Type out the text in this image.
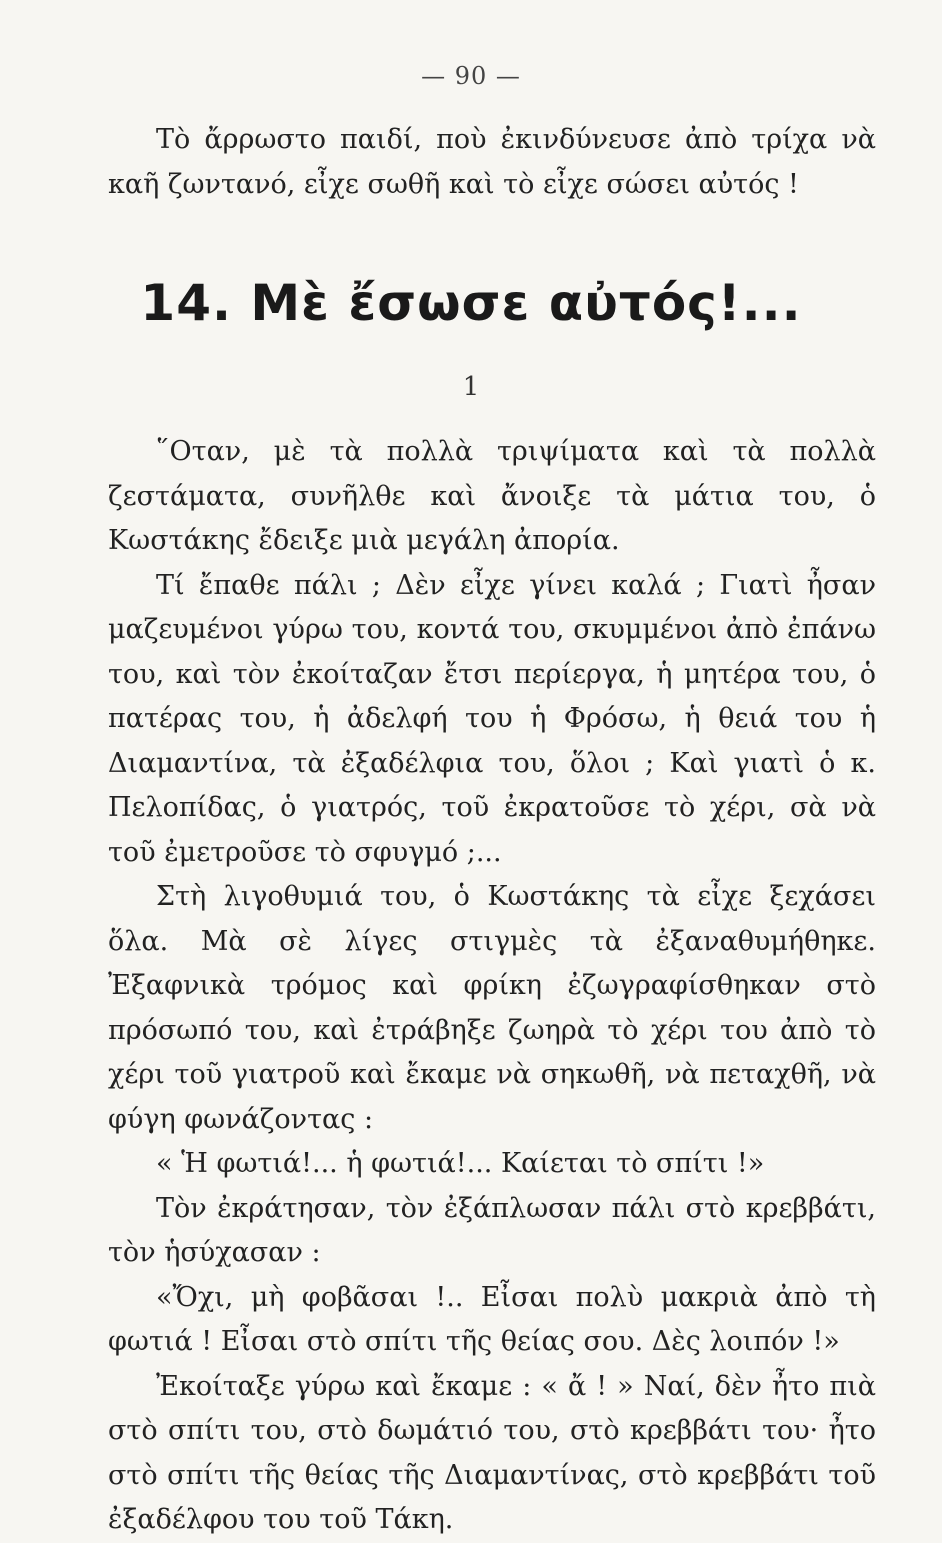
— 90 —

Τὸ ἄρρωστο παιδί, ποὺ ἐκινδύνευσε ἀπὸ τρίχα νὰ καῆ ζωντανό, εἶχε σωθῆ καὶ τὸ εἶχε σώσει αὐτός !

14. Μὲ ἔσωσε αὐτός!...
1

῞Οταν, μὲ τὰ πολλὰ τριψίματα καὶ τὰ πολλὰ ζεστάματα, συνῆλθε καὶ ἄνοιξε τὰ μάτια του, ὁ Κωστάκης ἔδειξε μιὰ μεγάλη ἀπορία.

Τί ἔπαθε πάλι ; Δὲν εἶχε γίνει καλά ; Γιατὶ ἦσαν μαζευμένοι γύρω του, κοντά του, σκυμμένοι ἀπὸ ἐπάνω του, καὶ τὸν ἐκοίταζαν ἔτσι περίεργα, ἡ μητέρα του, ὁ πατέρας του, ἡ ἀδελφή του ἡ Φρόσω, ἡ θειά του ἡ Διαμαντίνα, τὰ ἐξαδέλφια του, ὅλοι ; Καὶ γιατὶ ὁ κ. Πελοπίδας, ὁ γιατρός, τοῦ ἐκρατοῦσε τὸ χέρι, σὰ νὰ τοῦ ἐμετροῦσε τὸ σφυγμό ;...

Στὴ λιγοθυμιά του, ὁ Κωστάκης τὰ εἶχε ξεχάσει ὅλα. Μὰ σὲ λίγες στιγμὲς τὰ ἐξαναθυμήθηκε. Ἐξαφνικὰ τρόμος καὶ φρίκη ἐζωγραφίσθηκαν στὸ πρόσωπό του, καὶ ἐτράβηξε ζωηρὰ τὸ χέρι του ἀπὸ τὸ χέρι τοῦ γιατροῦ καὶ ἔκαμε νὰ σηκωθῆ, νὰ πεταχθῆ, νὰ φύγη φωνάζοντας :

« Ἡ φωτιά!... ἡ φωτιά!... Καίεται τὸ σπίτι !»

Τὸν ἐκράτησαν, τὸν ἐξάπλωσαν πάλι στὸ κρεββάτι, τὸν ἡσύχασαν :

«Ὄχι, μὴ φοβᾶσαι !.. Εἶσαι πολὺ μακριὰ ἀπὸ τὴ φωτιά ! Εἶσαι στὸ σπίτι τῆς θείας σου. Δὲς λοιπόν !»

Ἐκοίταξε γύρω καὶ ἔκαμε : « ἄ ! » Ναί, δὲν ἦτο πιὰ στὸ σπίτι του, στὸ δωμάτιό του, στὸ κρεββάτι του· ἦτο στὸ σπίτι τῆς θείας τῆς Διαμαντίνας, στὸ κρεββάτι τοῦ ἐξαδέλφου του τοῦ Τάκη.
